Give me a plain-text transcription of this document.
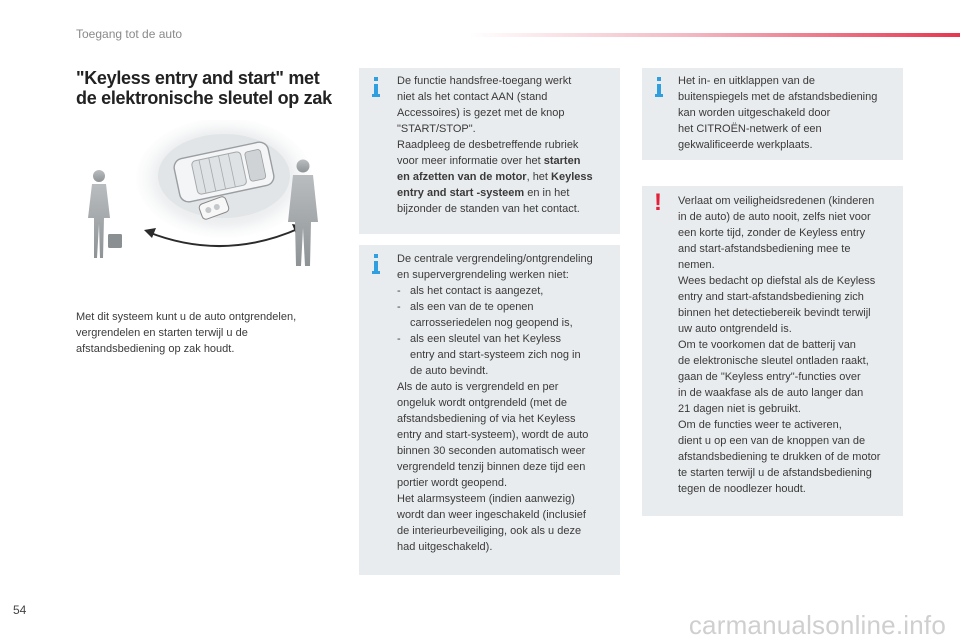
Toegang tot de auto
"Keyless entry and start" met
de elektronische sleutel op zak
Met dit systeem kunt u de auto ontgrendelen,
vergrendelen en starten terwijl u de
afstandsbediening op zak houdt.
De functie handsfree-toegang werkt
niet als het contact AAN (stand
Accessoires) is gezet met de knop
"START/STOP".
Raadpleeg de desbetreffende rubriek
voor meer informatie over het starten
en afzetten van de motor, het Keyless
entry and start -systeem en in het
bijzonder de standen van het contact.
De centrale vergrendeling/ontgrendeling
en supervergrendeling werken niet:
- als het contact is aangezet,
- als een van de te openen
carrosseriedelen nog geopend is,
- als een sleutel van het Keyless
entry and start-systeem zich nog in
de auto bevindt.
Als de auto is vergrendeld en per
ongeluk wordt ontgrendeld (met de
afstandsbediening of via het Keyless
entry and start-systeem), wordt de auto
binnen 30 seconden automatisch weer
vergrendeld tenzij binnen deze tijd een
portier wordt geopend.
Het alarmsysteem (indien aanwezig)
wordt dan weer ingeschakeld (inclusief
de interieurbeveiliging, ook als u deze
had uitgeschakeld).
Het in- en uitklappen van de
buitenspiegels met de afstandsbediening
kan worden uitgeschakeld door
het CITROËN-netwerk of een
gekwalificeerde werkplaats.
! Verlaat om veiligheidsredenen (kinderen
in de auto) de auto nooit, zelfs niet voor
een korte tijd, zonder de Keyless entry
and start-afstandsbediening mee te
nemen.
Wees bedacht op diefstal als de Keyless
entry and start-afstandsbediening zich
binnen het detectiebereik bevindt terwijl
uw auto ontgrendeld is.
Om te voorkomen dat de batterij van
de elektronische sleutel ontladen raakt,
gaan de "Keyless entry"-functies over
in de waakfase als de auto langer dan
21 dagen niet is gebruikt.
Om de functies weer te activeren,
dient u op een van de knoppen van de
afstandsbediening te drukken of de motor
te starten terwijl u de afstandsbediening
tegen de noodlezer houdt.
54	carmanualsonline.info
